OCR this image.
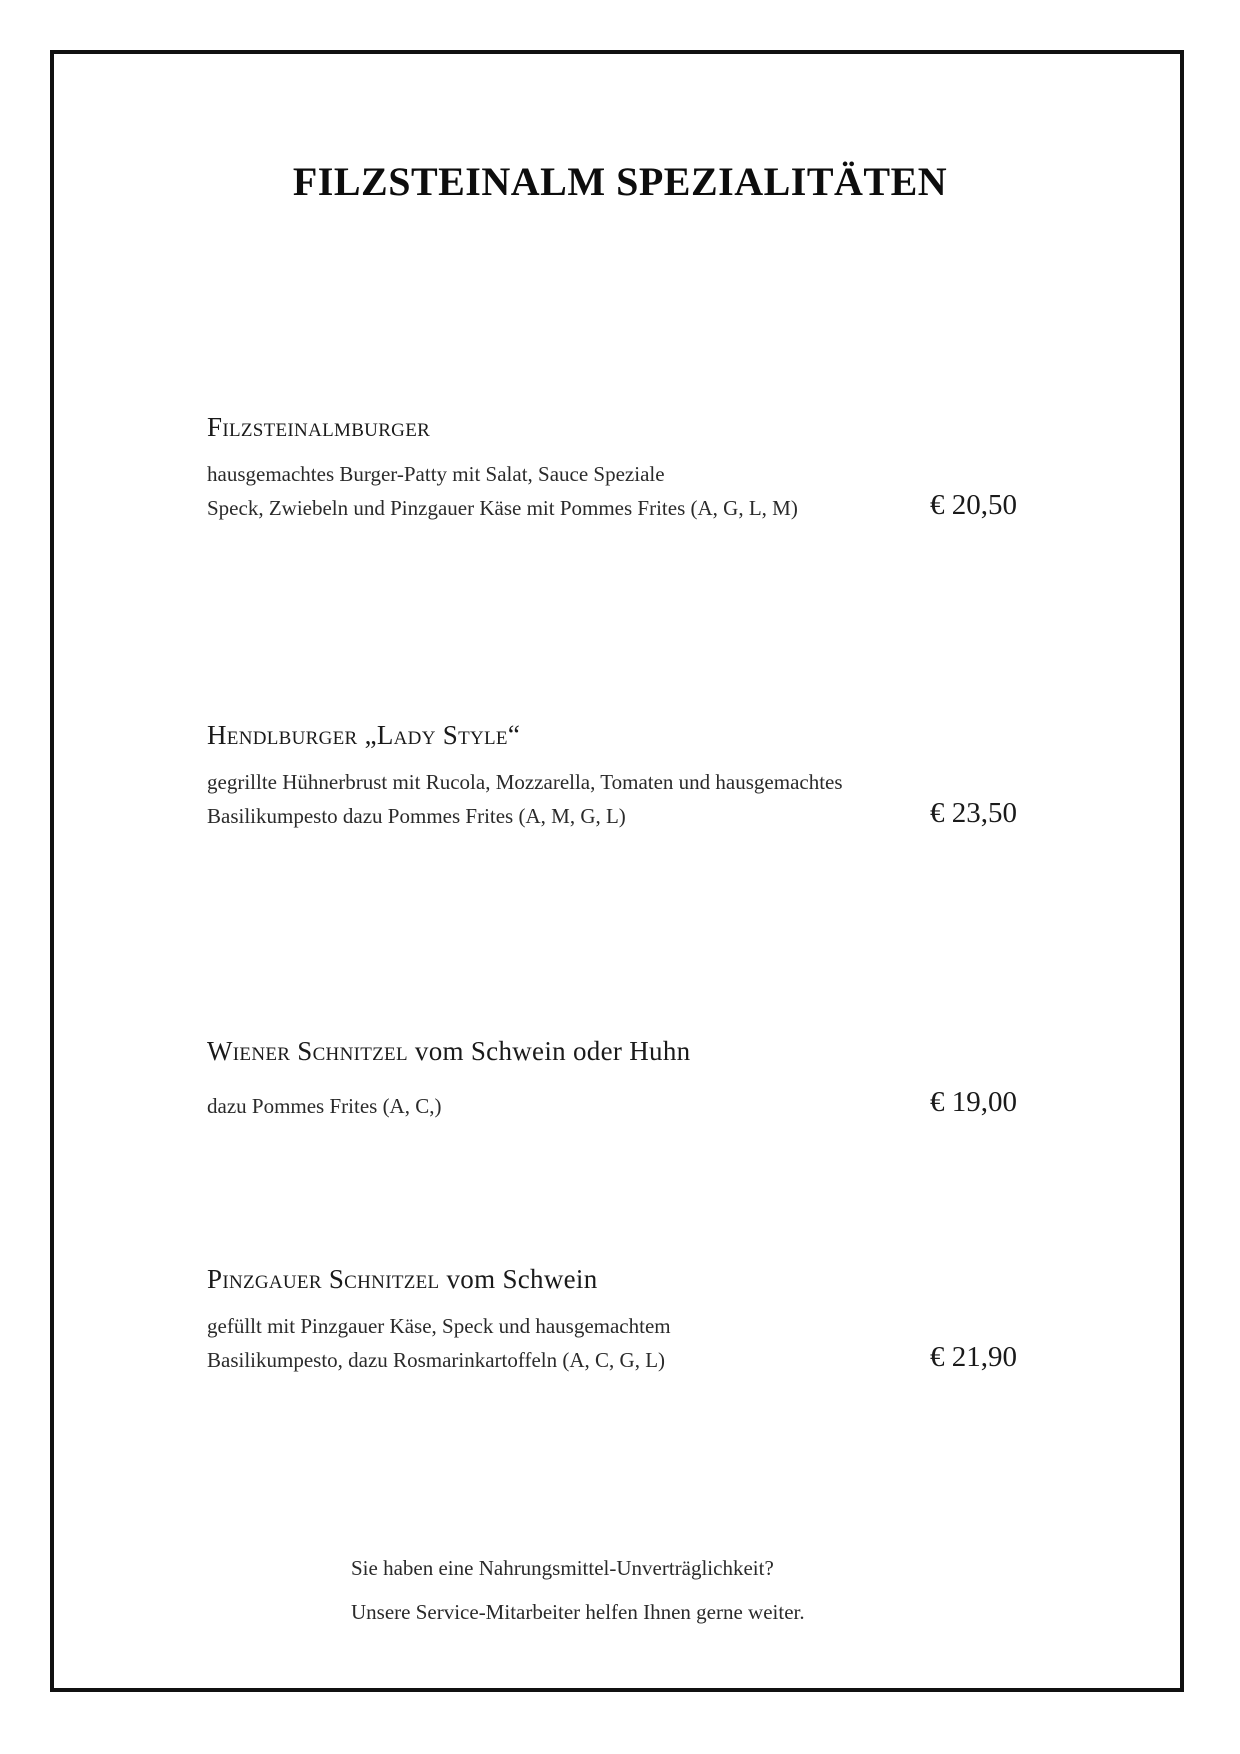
FILZSTEINALM SPEZIALITÄTEN

Filzsteinalmburger

hausgemachtes Burger-Patty mit Salat, Sauce Speziale
Speck, Zwiebeln und Pinzgauer Käse mit Pommes Frites (A, G, L, M)	€ 20,50

Hendlburger „Lady Style“

gegrillte Hühnerbrust mit Rucola, Mozzarella, Tomaten und hausgemachtes
Basilikumpesto dazu Pommes Frites (A, M, G, L)	€ 23,50

Wiener Schnitzel vom Schwein oder Huhn

dazu Pommes Frites (A, C,)	€ 19,00

Pinzgauer Schnitzel vom Schwein

gefüllt mit Pinzgauer Käse, Speck und hausgemachtem
Basilikumpesto, dazu Rosmarinkartoffeln (A, C, G, L)	€ 21,90
Sie haben eine Nahrungsmittel-Unverträglichkeit?
Unsere Service-Mitarbeiter helfen Ihnen gerne weiter.
